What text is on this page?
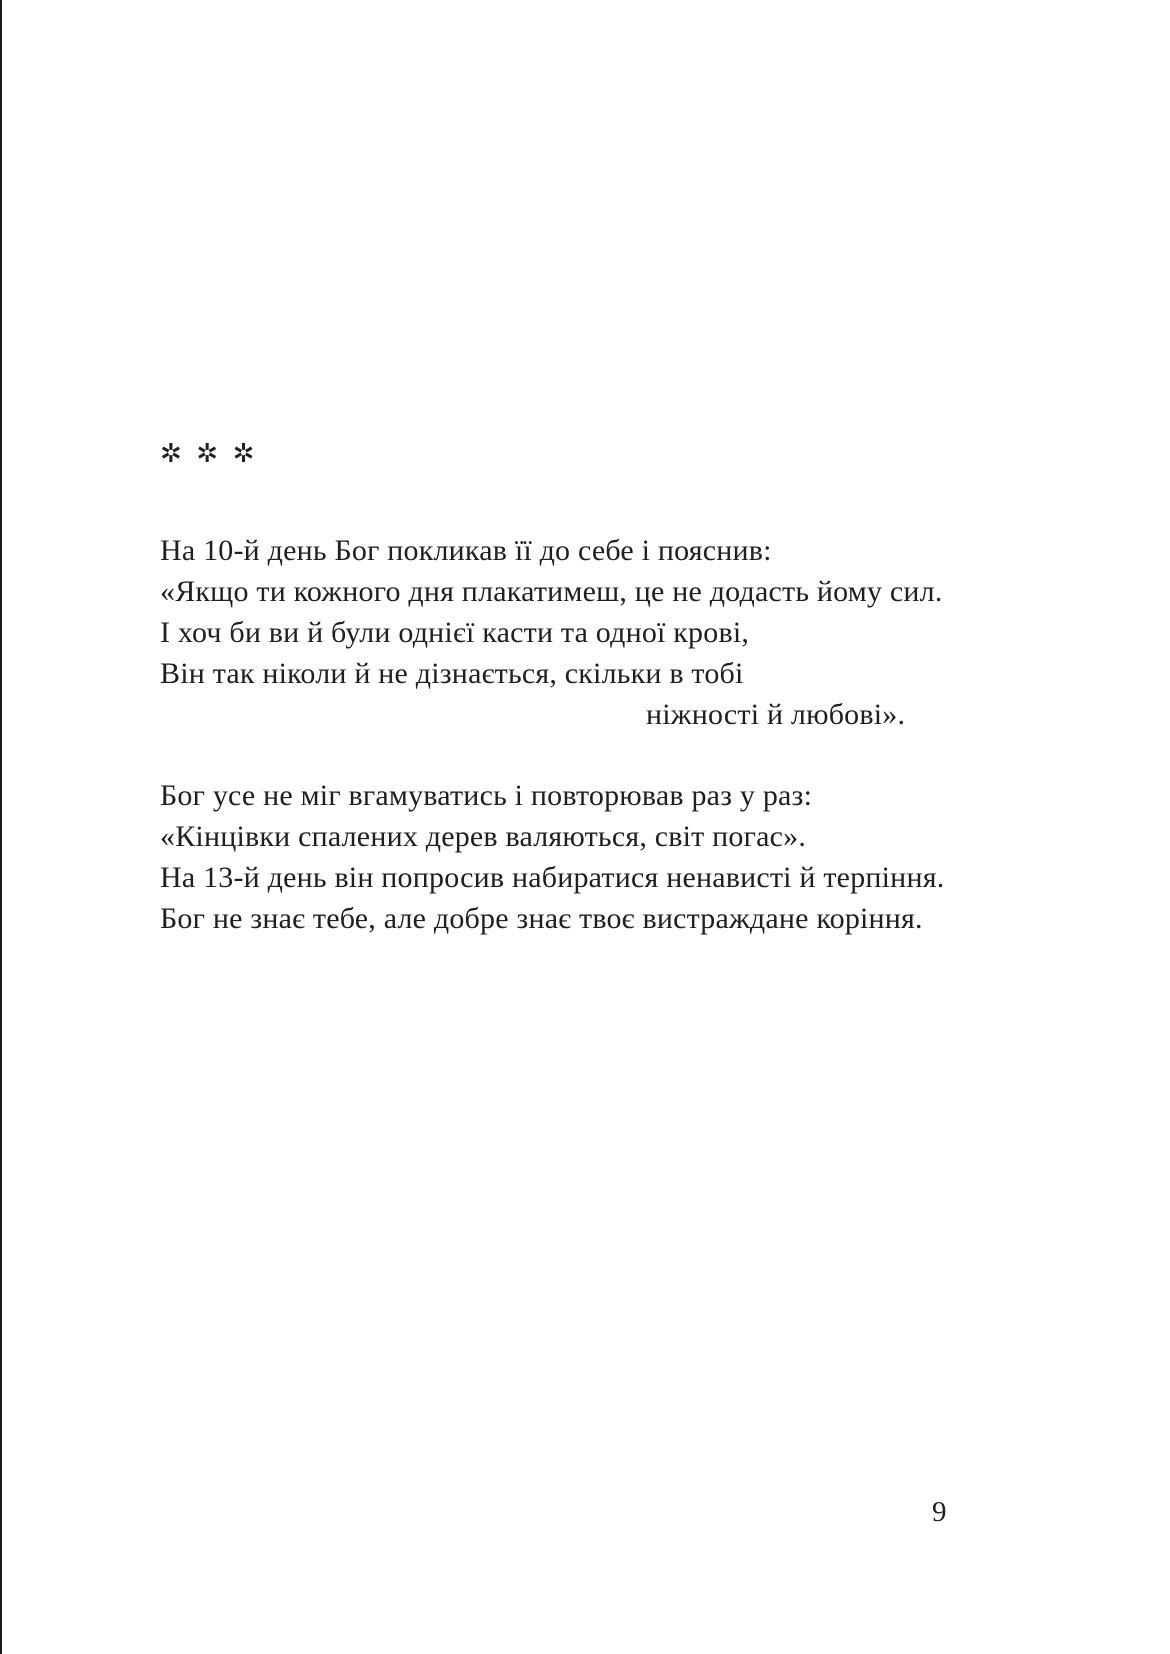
✲ ✲ ✲
На 10-й день Бог покликав її до себе і пояснив:
«Якщо ти кожного дня плакатимеш, це не додасть йому сил.
І хоч би ви й були однієї касти та одної крові,
Він так ніколи й не дізнається, скільки в тобі
ніжності й любові».
Бог усе не міг вгамуватись і повторював раз у раз:
«Кінцівки спалених дерев валяються, світ погас».
На 13-й день він попросив набиратися ненависті й терпіння.
Бог не знає тебе, але добре знає твоє вистраждане коріння.
9
